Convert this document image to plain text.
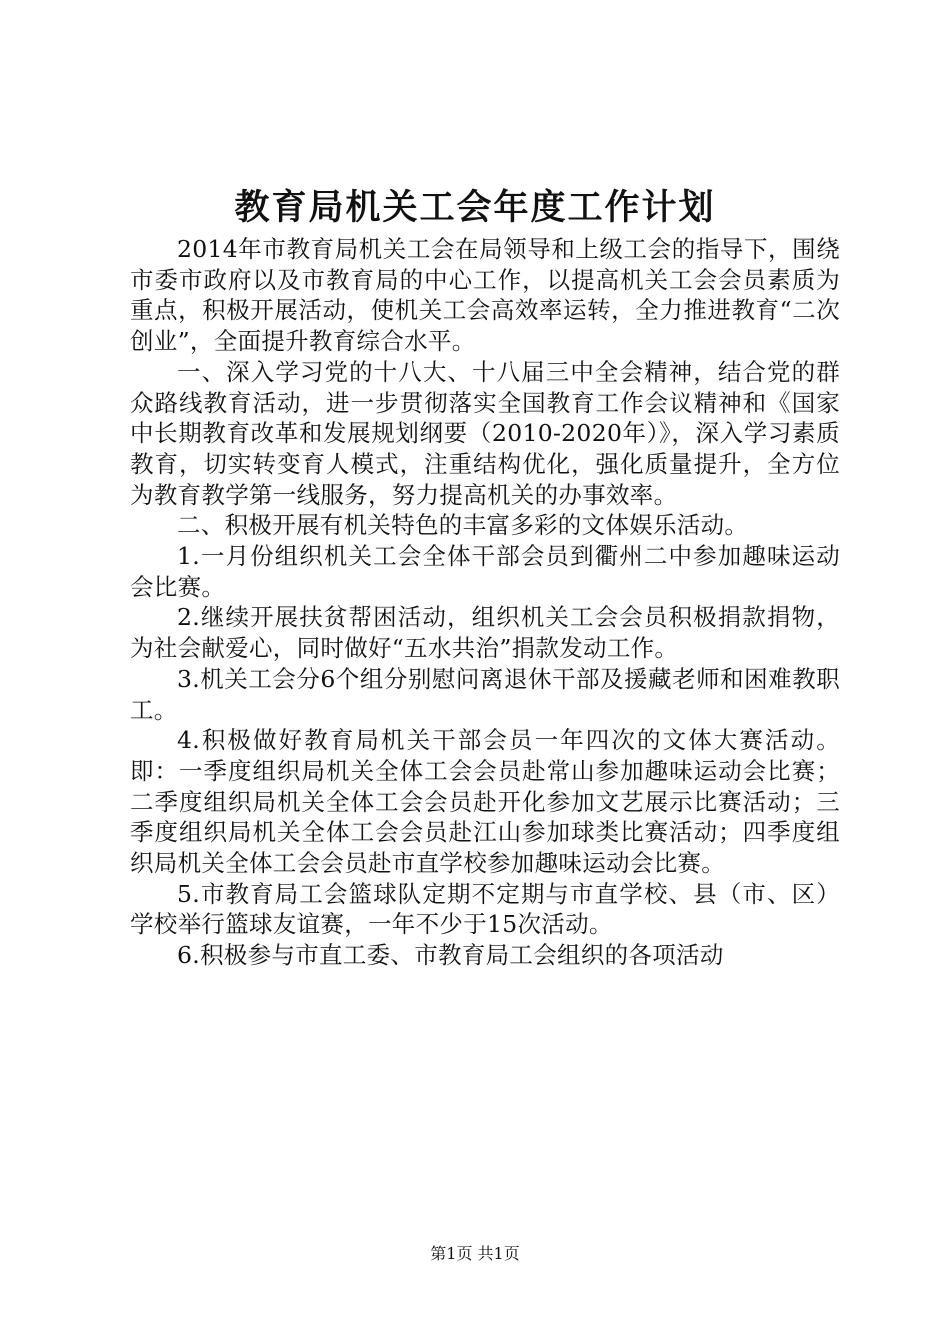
教育局机关工会年度工作计划

2014年市教育局机关工会在局领导和上级工会的指导下，围绕市委市政府以及市教育局的中心工作，以提高机关工会会员素质为重点，积极开展活动，使机关工会高效率运转，全力推进教育“二次创业”，全面提升教育综合水平。

一、深入学习党的十八大、十八届三中全会精神，结合党的群众路线教育活动，进一步贯彻落实全国教育工作会议精神和《国家中长期教育改革和发展规划纲要（2010-2020年）》，深入学习素质教育，切实转变育人模式，注重结构优化，强化质量提升，全方位为教育教学第一线服务，努力提高机关的办事效率。

二、积极开展有机关特色的丰富多彩的文体娱乐活动。

1.一月份组织机关工会全体干部会员到衢州二中参加趣味运动会比赛。

2.继续开展扶贫帮困活动，组织机关工会会员积极捐款捐物，为社会献爱心，同时做好“五水共治”捐款发动工作。

3.机关工会分6个组分别慰问离退休干部及援藏老师和困难教职工。

4.积极做好教育局机关干部会员一年四次的文体大赛活动。即：一季度组织局机关全体工会会员赴常山参加趣味运动会比赛；二季度组织局机关全体工会会员赴开化参加文艺展示比赛活动；三季度组织局机关全体工会会员赴江山参加球类比赛活动；四季度组织局机关全体工会会员赴市直学校参加趣味运动会比赛。

5.市教育局工会篮球队定期不定期与市直学校、县（市、区）学校举行篮球友谊赛，一年不少于15次活动。

6.积极参与市直工委、市教育局工会组织的各项活动

第1页 共1页
